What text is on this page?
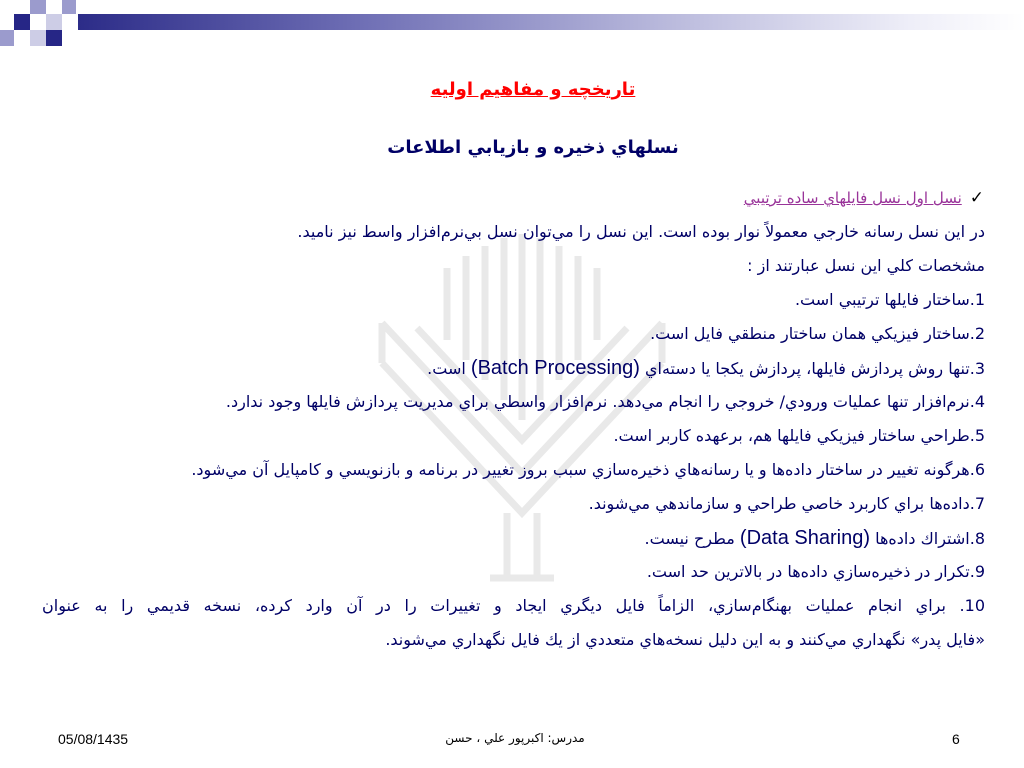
تاريخچه و مفاهيم اوليه
نسلهاي ذخيره و بازيابي اطلاعات
✓
نسل اول نسل فايلهاي ساده ترتيبي
در اين نسل رسانه خارجي معمولاً نوار بوده است. اين نسل را مي‌توان نسل بي‌نرم‌افزار واسط نيز ناميد.
مشخصات كلي اين نسل عبارتند از :
1.ساختار فايلها ترتيبي است.
2.ساختار فيزيكي همان ساختار منطقي فايل است.
3.تنها روش پردازش فايلها، پردازش يكجا يا دسته‌اي (Batch Processing) است.
4.نرم‌افزار تنها عمليات ورودي/ خروجي را انجام مي‌دهد. نرم‌افزار واسطي براي مديريت پردازش فايلها وجود ندارد.
5.طراحي ساختار فيزيكي فايلها هم، برعهده كاربر است.
6.هرگونه تغيير در ساختار داده‌ها و يا رسانه‌هاي ذخيره‌سازي سبب بروز تغيير در برنامه و بازنويسي و كامپايل آن مي‌شود.
7.داده‌ها براي كاربرد خاصي طراحي و سازماندهي مي‌شوند.
8.اشتراك داده‌ها (Data Sharing) مطرح نيست.
9.تكرار در ذخيره‌سازي داده‌ها در بالاترين حد است.
10. براي انجام عمليات بهنگام‌سازي، الزاماً فايل ديگري ايجاد و تغييرات را در آن وارد كرده، نسخه قديمي را به عنوان
«فايل پدر» نگهداري مي‌كنند و به اين دليل نسخه‌هاي متعددي از يك فايل نگهداري مي‌شوند.
05/08/1435	حسن ، علي اكبرپور :مدرس	6
